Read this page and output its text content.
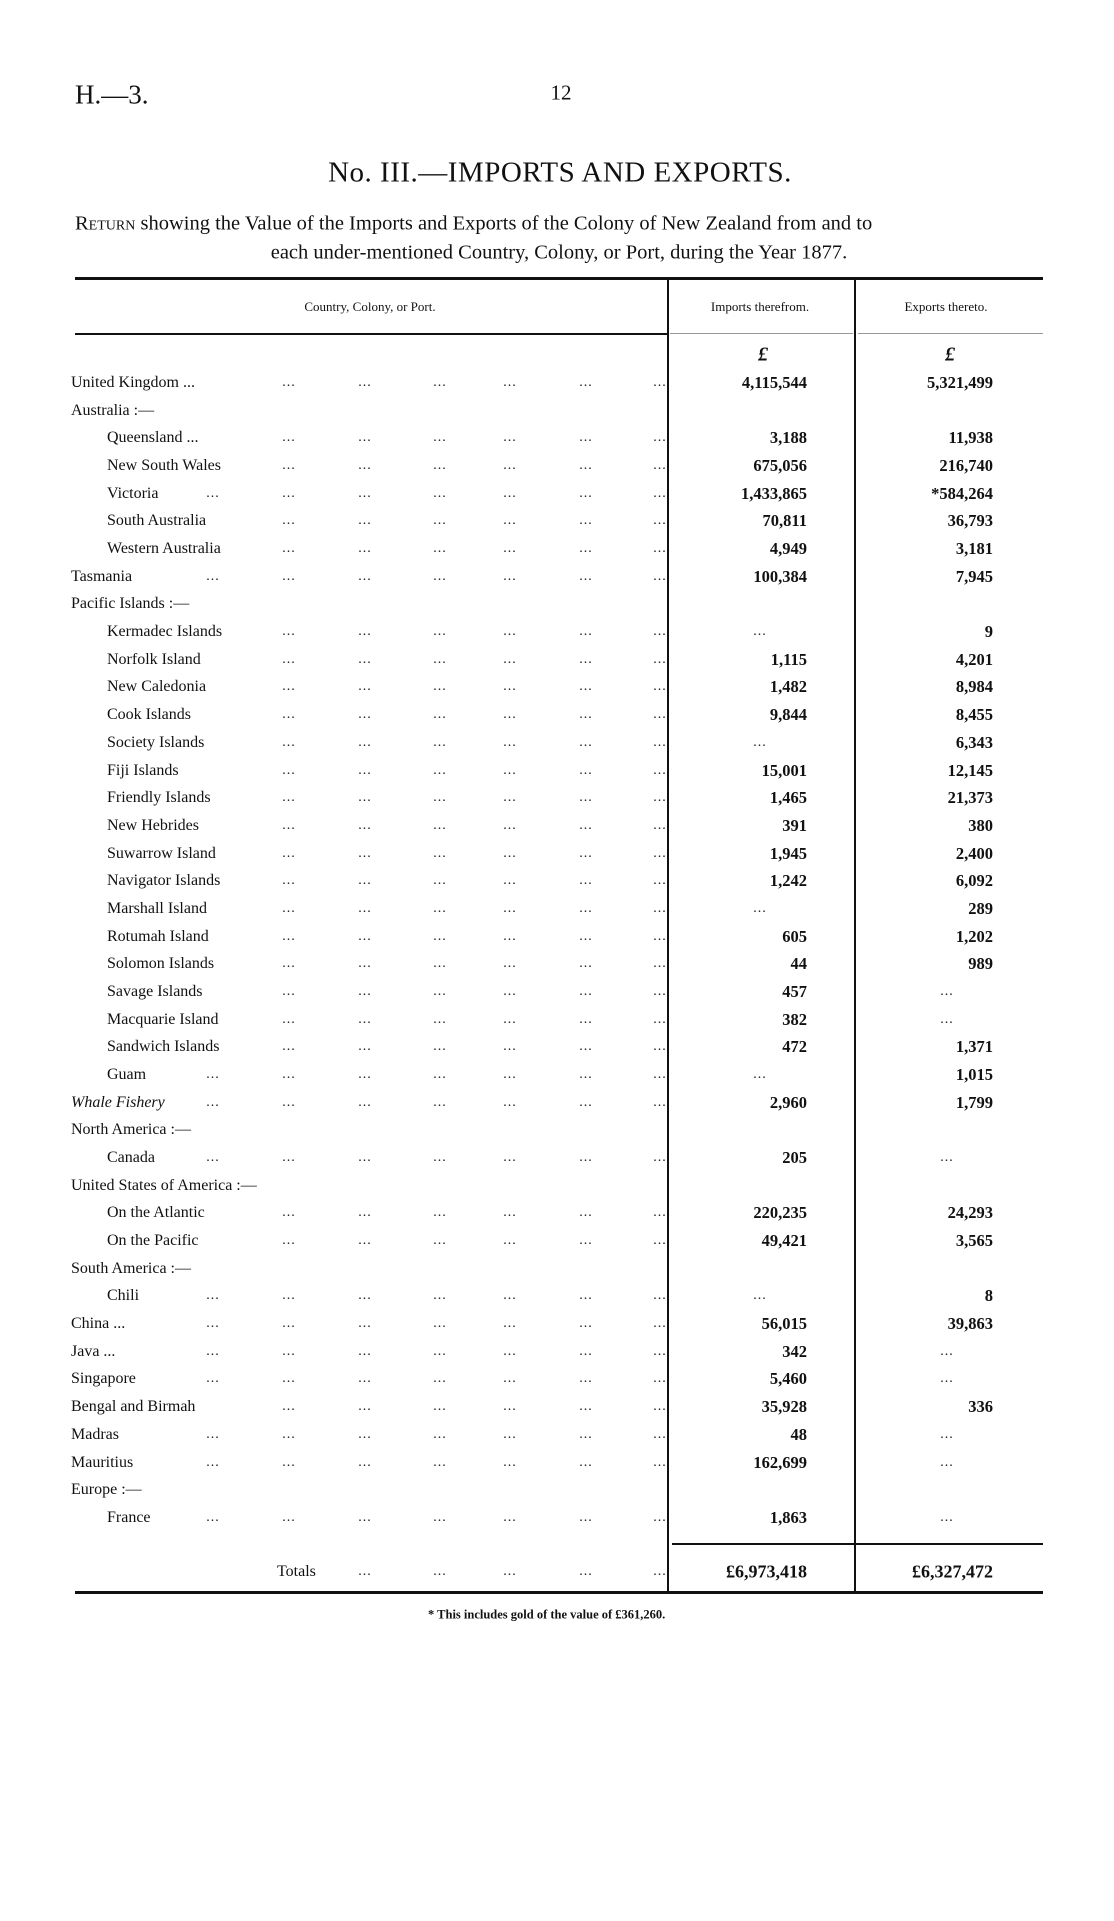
H.—3.	12
No. III.—IMPORTS AND EXPORTS.
Return showing the Value of the Imports and Exports of the Colony of New Zealand from and to
each under-mentioned Country, Colony, or Port, during the Year 1877.
Country, Colony, or Port.	Imports therefrom.	Exports thereto.
£	£
United Kingdom ...	...	...	...	...	...	...	4,115,544	5,321,499
Australia :—
Queensland ...	...	...	...	...	...	...	3,188	11,938
New South Wales	...	...	...	...	...	...	675,056	216,740
Victoria	...	...	...	...	...	...	...	1,433,865	*584,264
South Australia	...	...	...	...	...	...	70,811	36,793
Western Australia	...	...	...	...	...	...	4,949	3,181
Tasmania	...	...	...	...	...	...	...	100,384	7,945
Pacific Islands :—
Kermadec Islands	...	...	...	...	...	...	...	9
Norfolk Island	...	...	...	...	...	...	1,115	4,201
New Caledonia	...	...	...	...	...	...	1,482	8,984
Cook Islands	...	...	...	...	...	...	9,844	8,455
Society Islands	...	...	...	...	...	...	...	6,343
Fiji Islands	...	...	...	...	...	...	15,001	12,145
Friendly Islands	...	...	...	...	...	...	1,465	21,373
New Hebrides	...	...	...	...	...	...	391	380
Suwarrow Island	...	...	...	...	...	...	1,945	2,400
Navigator Islands	...	...	...	...	...	...	1,242	6,092
Marshall Island	...	...	...	...	...	...	...	289
Rotumah Island	...	...	...	...	...	...	605	1,202
Solomon Islands	...	...	...	...	...	...	44	989
Savage Islands	...	...	...	...	...	...	457	...
Macquarie Island	...	...	...	...	...	...	382	...
Sandwich Islands	...	...	...	...	...	...	472	1,371
Guam	...	...	...	...	...	...	...	...	1,015
Whale Fishery	...	...	...	...	...	...	...	2,960	1,799
North America :—
Canada	...	...	...	...	...	...	...	205	...
United States of America :—
On the Atlantic	...	...	...	...	...	...	220,235	24,293
On the Pacific	...	...	...	...	...	...	49,421	3,565
South America :—
Chili	...	...	...	...	...	...	...	...	8
China ...	...	...	...	...	...	...	...	56,015	39,863
Java ...	...	...	...	...	...	...	...	342	...
Singapore	...	...	...	...	...	...	...	5,460	...
Bengal and Birmah	...	...	...	...	...	...	35,928	336
Madras	...	...	...	...	...	...	...	48	...
Mauritius	...	...	...	...	...	...	...	162,699	...
Europe :—
France	...	...	...	...	...	...	...	1,863	...
Totals	£6,973,418	£6,327,472
...	...	...	...	...
* This includes gold of the value of £361,260.
